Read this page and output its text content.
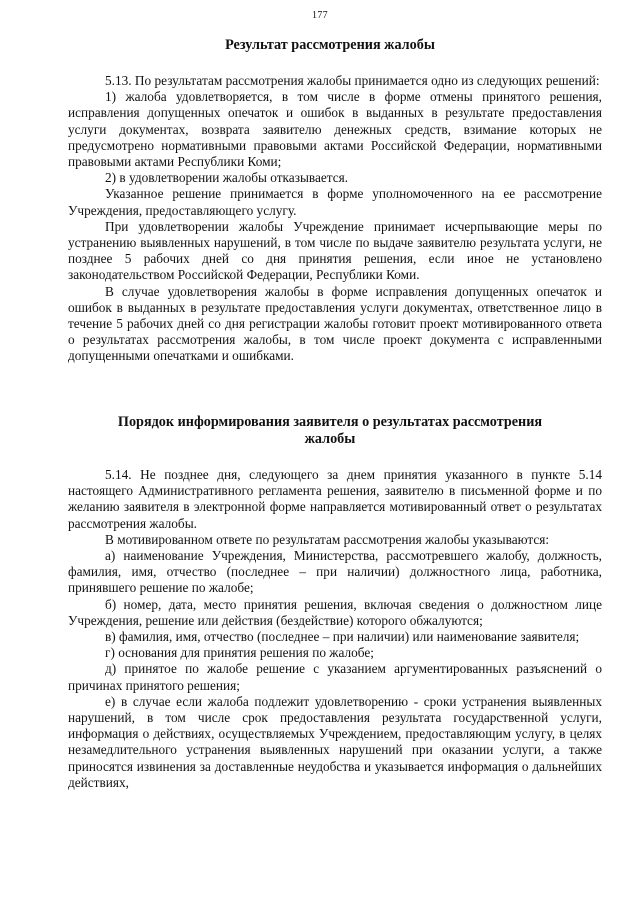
177
Результат рассмотрения жалобы

5.13. По результатам рассмотрения жалобы принимается одно из следующих решений:

1) жалоба удовлетворяется, в том числе в форме отмены принятого решения, исправления допущенных опечаток и ошибок в выданных в результате предоставления услуги документах, возврата заявителю денежных средств, взимание которых не предусмотрено нормативными правовыми актами Российской Федерации, нормативными правовыми актами Республики Коми;

2) в удовлетворении жалобы отказывается.

Указанное решение принимается в форме уполномоченного на ее рассмотрение Учреждения, предоставляющего услугу.

При удовлетворении жалобы Учреждение принимает исчерпывающие меры по устранению выявленных нарушений, в том числе по выдаче заявителю результата услуги, не позднее 5 рабочих дней со дня принятия решения, если иное не установлено законодательством Российской Федерации, Республики Коми.

В случае удовлетворения жалобы в форме исправления допущенных опечаток и ошибок в выданных в результате предоставления услуги документах, ответственное лицо в течение 5 рабочих дней со дня регистрации жалобы готовит проект мотивированного ответа о результатах рассмотрения жалобы, в том числе проект документа с исправленными допущенными опечатками и ошибками.

Порядок информирования заявителя о результатах рассмотрения
жалобы

5.14. Не позднее дня, следующего за днем принятия указанного в пункте 5.14 настоящего Административного регламента решения, заявителю в письменной форме и по желанию заявителя в электронной форме направляется мотивированный ответ о результатах рассмотрения жалобы.

В мотивированном ответе по результатам рассмотрения жалобы указываются:

а) наименование Учреждения, Министерства, рассмотревшего жалобу, должность, фамилия, имя, отчество (последнее – при наличии) должностного лица, работника, принявшего решение по жалобе;

б) номер, дата, место принятия решения, включая сведения о должностном лице Учреждения, решение или действия (бездействие) которого обжалуются;

в) фамилия, имя, отчество (последнее – при наличии) или наименование заявителя;

г) основания для принятия решения по жалобе;

д) принятое по жалобе решение с указанием аргументированных разъяснений о причинах принятого решения;

е) в случае если жалоба подлежит удовлетворению - сроки устранения выявленных нарушений, в том числе срок предоставления результата государственной услуги, информация о действиях, осуществляемых Учреждением, предоставляющим услугу, в целях незамедлительного устранения выявленных нарушений при оказании услуги, а также приносятся извинения за доставленные неудобства и указывается информация о дальнейших действиях,
